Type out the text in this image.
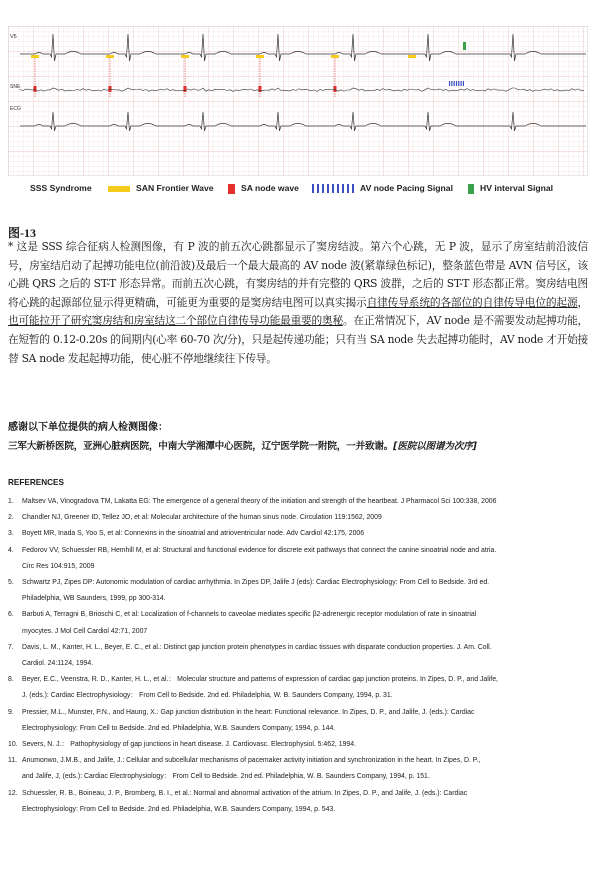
V5
SNE
ECG
SSS Syndrome	SAN Frontier Wave	SA node wave	AV node Pacing Signal	HV interval Signal
图-13
* 这是 SSS 综合征病人检测图像，有 P 波的前五次心跳都显示了窦房结波。第六个心跳，无 P 波，显示了房室结前沿波信号，房室结启动了起搏功能电位(前沿波)及最后一个最大最高的 AV node 波(紧靠绿色标记)，整条蓝色带是 AVN 信号区，该心跳 QRS 之后的 ST-T 形态异常。而前五次心跳，有窦房结的并有完整的 QRS 波群，之后的 ST-T 形态都正常。窦房结电图将心跳的起源部位显示得更精确，可能更为重要的是窦房结电图可以真实揭示自律传导系统的各部位的自律传导电位的起源，也可能拉开了研究窦房结和房室结这二个部位自律传导功能最重要的奥秘。在正常情况下，AV node 是不需要发动起搏功能，在短暂的 0.12-0.20s 的间期内(心率 60-70 次/分)，只是起传递功能；只有当 SA node 失去起搏功能时，AV node 才开始接替 SA node 发起起搏功能，使心脏不停地继续往下传导。
感谢以下单位提供的病人检测图像：
三军大新桥医院，亚洲心脏病医院，中南大学湘潭中心医院，辽宁医学院一附院，一并致谢。[医院以图谱为次序]
REFERENCES
1. Maltsev VA, Vinogradova TM, Lakatta EG: The emergence of a general theory of the initiation and strength of the heartbeat. J Pharmacol Sci 100:338, 2006
2. Chandler NJ, Greener ID, Tellez JO, et al: Molecular architecture of the human sinus node. Circulation 119:1562, 2009
3. Boyett MR, Inada S, Yoo S, et al: Connexins in the sinoatrial and atrioventricular node. Adv Cardiol 42:175, 2006
4. Fedorov VV, Schuessler RB, Hemhill M, et al: Structural and functional evidence for discrete exit pathways that connect the canine sinoatrial node and atria.
Circ Res 104:915, 2009
5. Schwartz PJ, Zipes DP: Autonomic modulation of cardiac arrhythmia. In Zipes DP, Jalife J (eds): Cardiac Electrophysiology: From Cell to Bedside. 3rd ed.
Philadelphia, WB Saunders, 1999, pp 300-314.
6. Barbuti A, Terragni B, Brioschi C, et al: Localization of f-channels to caveolae mediates specific β2-adrenergic receptor modulation of rate in sinoatrial
myocytes. J Mol Cell Cardiol 42:71, 2007
7. Davis, L. M., Kanter, H. L., Beyer, E. C., et al.: Distinct gap junction protein phenotypes in cardiac tissues with disparate conduction properties. J. Am. Coll.
Cardiol. 24:1124, 1994.
8. Beyer, E.C., Veenstra, R. D., Kanter, H. L., et al.： Molecular structure and patterns of expression of cardiac gap junction proteins. In Zipes, D. P., and Jalife,
J. (eds.): Cardiac Electrophysiology： From Cell to Bedside. 2nd ed. Philadelphia, W. B. Saunders Company, 1994, p. 31.
9. Pressier, M.L., Munster, P.N., and Haung, X.: Gap junction distribution in the heart: Functional relevance. In Zipes, D. P., and Jalife, J. (eds.): Cardiac
Electrophysiology: From Cell to Bedside. 2nd ed. Philadelphia, W.B. Saunders Company, 1994, p. 144.
10. Severs, N. J.： Pathophysiology of gap junctions in heart disease. J. Cardiovasc. Electrophysiol. 5:462, 1994.
11. Anumonwo, J.M.B., and Jalife, J.: Cellular and subcellular mechanisms of pacemaker activity initiation and synchronization in the heart. In Zipes, D. P.,
and Jalife, J, (eds.): Cardiac Electrophysiology： From Cell to Bedside. 2nd ed. Philadelphia, W. B. Saunders Company, 1994, p. 151.
12. Schuessler, R. B., Boineau, J. P., Bromberg, B. I., et al.: Normal and abnormal activation of the atrium. In Zipes, D. P., and Jalife, J. (eds.): Cardiac
Electrophysiology: From Cell to Bedside. 2nd ed. Philadelphia, W.B. Saunders Company, 1994, p. 543.
